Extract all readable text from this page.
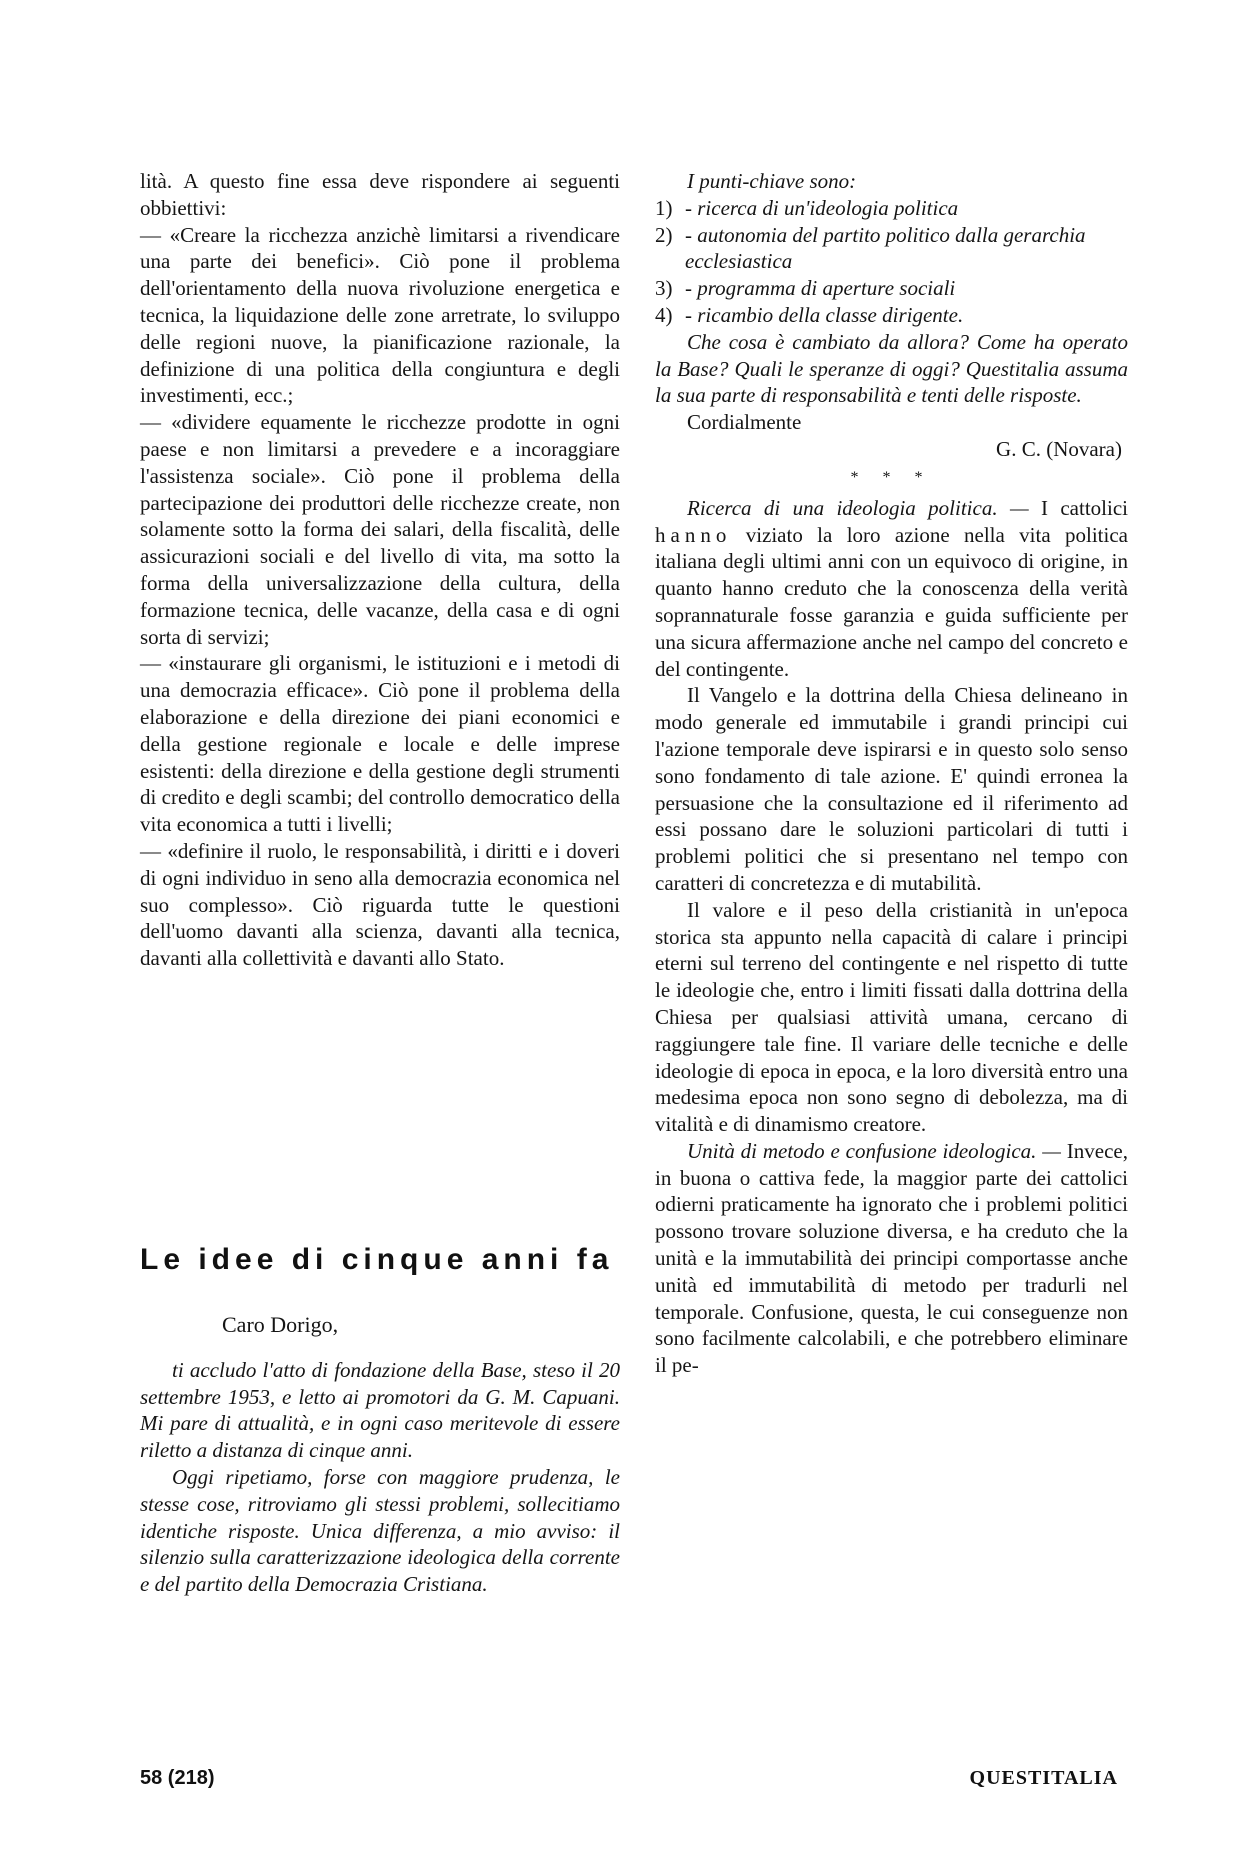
lità. A questo fine essa deve rispondere ai seguenti obbiettivi:

— «Creare la ricchezza anzichè limitarsi a rivendicare una parte dei benefici». Ciò pone il problema dell'orientamento della nuova rivoluzione energetica e tecnica, la liquidazione delle zone arretrate, lo sviluppo delle regioni nuove, la pianificazione razionale, la definizione di una politica della congiuntura e degli investimenti, ecc.;

— «dividere equamente le ricchezze prodotte in ogni paese e non limitarsi a prevedere e a incoraggiare l'assistenza sociale». Ciò pone il problema della partecipazione dei produttori delle ricchezze create, non solamente sotto la forma dei salari, della fiscalità, delle assicurazioni sociali e del livello di vita, ma sotto la forma della universalizzazione della cultura, della formazione tecnica, delle vacanze, della casa e di ogni sorta di servizi;

— «instaurare gli organismi, le istituzioni e i metodi di una democrazia efficace». Ciò pone il problema della elaborazione e della direzione dei piani economici e della gestione regionale e locale e delle imprese esistenti: della direzione e della gestione degli strumenti di credito e degli scambi; del controllo democratico della vita economica a tutti i livelli;

— «definire il ruolo, le responsabilità, i diritti e i doveri di ogni individuo in seno alla democrazia economica nel suo complesso». Ciò riguarda tutte le questioni dell'uomo davanti alla scienza, davanti alla tecnica, davanti alla collettività e davanti allo Stato.

Le idee di cinque anni fa

Caro Dorigo,

ti accludo l'atto di fondazione della Base, steso il 20 settembre 1953, e letto ai promotori da G. M. Capuani. Mi pare di attualità, e in ogni caso meritevole di essere riletto a distanza di cinque anni.

Oggi ripetiamo, forse con maggiore prudenza, le stesse cose, ritroviamo gli stessi problemi, sollecitiamo identiche risposte. Unica differenza, a mio avviso: il silenzio sulla caratterizzazione ideologica della corrente e del partito della Democrazia Cristiana.

I punti-chiave sono:

1) - ricerca di un'ideologia politica
2) - autonomia del partito politico dalla gerarchia ecclesiastica
3) - programma di aperture sociali
4) - ricambio della classe dirigente.

Che cosa è cambiato da allora? Come ha operato la Base? Quali le speranze di oggi? Questitalia assuma la sua parte di responsabilità e tenti delle risposte.

Cordialmente

G. C. (Novara)

* * *

Ricerca di una ideologia politica. — I cattolici hanno viziato la loro azione nella vita politica italiana degli ultimi anni con un equivoco di origine, in quanto hanno creduto che la conoscenza della verità soprannaturale fosse garanzia e guida sufficiente per una sicura affermazione anche nel campo del concreto e del contingente.

Il Vangelo e la dottrina della Chiesa delineano in modo generale ed immutabile i grandi principi cui l'azione temporale deve ispirarsi e in questo solo senso sono fondamento di tale azione. E' quindi erronea la persuasione che la consultazione ed il riferimento ad essi possano dare le soluzioni particolari di tutti i problemi politici che si presentano nel tempo con caratteri di concretezza e di mutabilità.

Il valore e il peso della cristianità in un'epoca storica sta appunto nella capacità di calare i principi eterni sul terreno del contingente e nel rispetto di tutte le ideologie che, entro i limiti fissati dalla dottrina della Chiesa per qualsiasi attività umana, cercano di raggiungere tale fine. Il variare delle tecniche e delle ideologie di epoca in epoca, e la loro diversità entro una medesima epoca non sono segno di debolezza, ma di vitalità e di dinamismo creatore.

Unità di metodo e confusione ideologica. — Invece, in buona o cattiva fede, la maggior parte dei cattolici odierni praticamente ha ignorato che i problemi politici possono trovare soluzione diversa, e ha creduto che la unità e la immutabilità dei principi comportasse anche unità ed immutabilità di metodo per tradurli nel temporale. Confusione, questa, le cui conseguenze non sono facilmente calcolabili, e che potrebbero eliminare il pe-

58 (218)	QUESTITALIA
